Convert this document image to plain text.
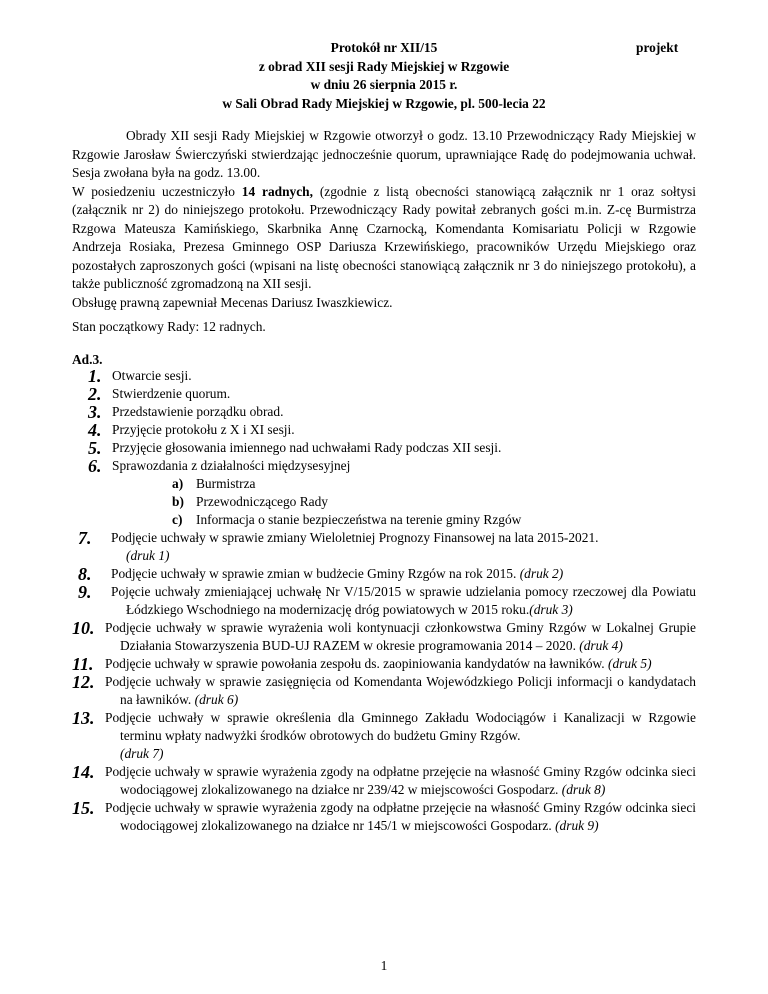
Protokół nr XII/15	projekt
z obrad XII sesji Rady Miejskiej w Rzgowie
w dniu 26 sierpnia 2015 r.
w Sali Obrad Rady Miejskiej w Rzgowie, pl. 500-lecia 22

Obrady XII sesji Rady Miejskiej w Rzgowie otworzył o godz. 13.10 Przewodniczący Rady Miejskiej w Rzgowie Jarosław Świerczyński stwierdzając jednocześnie quorum, uprawniające Radę do podejmowania uchwał. Sesja zwołana była na godz. 13.00.

W posiedzeniu uczestniczyło 14 radnych, (zgodnie z listą obecności stanowiącą załącznik nr 1 oraz sołtysi (załącznik nr 2) do niniejszego protokołu. Przewodniczący Rady powitał zebranych gości m.in. Z-cę Burmistrza Rzgowa Mateusza Kamińskiego, Skarbnika Annę Czarnocką, Komendanta Komisariatu Policji w Rzgowie Andrzeja Rosiaka, Prezesa Gminnego OSP Dariusza Krzewińskiego, pracowników Urzędu Miejskiego oraz pozostałych zaproszonych gości (wpisani na listę obecności stanowiącą załącznik nr 3 do niniejszego protokołu), a także publiczność zgromadzoną na XII sesji.

Obsługę prawną zapewniał Mecenas Dariusz Iwaszkiewicz.

Stan początkowy Rady: 12 radnych.
Ad.3.
1. Otwarcie sesji.
2. Stwierdzenie quorum.
3. Przedstawienie porządku obrad.
4. Przyjęcie protokołu z X i XI sesji.
5. Przyjęcie głosowania imiennego nad uchwałami Rady podczas XII sesji.
6. Sprawozdania z działalności międzysesyjnej
a) Burmistrza
b) Przewodniczącego Rady
c) Informacja o stanie bezpieczeństwa na terenie gminy Rzgów
7. Podjęcie uchwały w sprawie zmiany Wieloletniej Prognozy Finansowej na lata 2015-2021.
(druk 1)
8. Podjęcie uchwały w sprawie zmian w budżecie Gminy Rzgów na rok 2015. (druk 2)
9. Pojęcie uchwały zmieniającej uchwałę Nr V/15/2015 w sprawie udzielania pomocy rzeczowej dla Powiatu Łódzkiego Wschodniego na modernizację dróg powiatowych w 2015 roku.(druk 3)
10. Podjęcie uchwały w sprawie wyrażenia woli kontynuacji członkowstwa Gminy Rzgów w Lokalnej Grupie Działania Stowarzyszenia BUD-UJ RAZEM w okresie programowania 2014 – 2020. (druk 4)
11. Podjęcie uchwały w sprawie powołania zespołu ds. zaopiniowania kandydatów na ławników. (druk 5)
12. Podjęcie uchwały w sprawie zasięgnięcia od Komendanta Wojewódzkiego Policji informacji o kandydatach na ławników. (druk 6)
13. Podjęcie uchwały w sprawie określenia dla Gminnego Zakładu Wodociągów i Kanalizacji w Rzgowie terminu wpłaty nadwyżki środków obrotowych do budżetu Gminy Rzgów.
(druk 7)
14. Podjęcie uchwały w sprawie wyrażenia zgody na odpłatne przejęcie na własność Gminy Rzgów odcinka sieci wodociągowej zlokalizowanego na działce nr 239/42 w miejscowości Gospodarz. (druk 8)
15. Podjęcie uchwały w sprawie wyrażenia zgody na odpłatne przejęcie na własność Gminy Rzgów odcinka sieci wodociągowej zlokalizowanego na działce nr 145/1 w miejscowości Gospodarz. (druk 9)
1
